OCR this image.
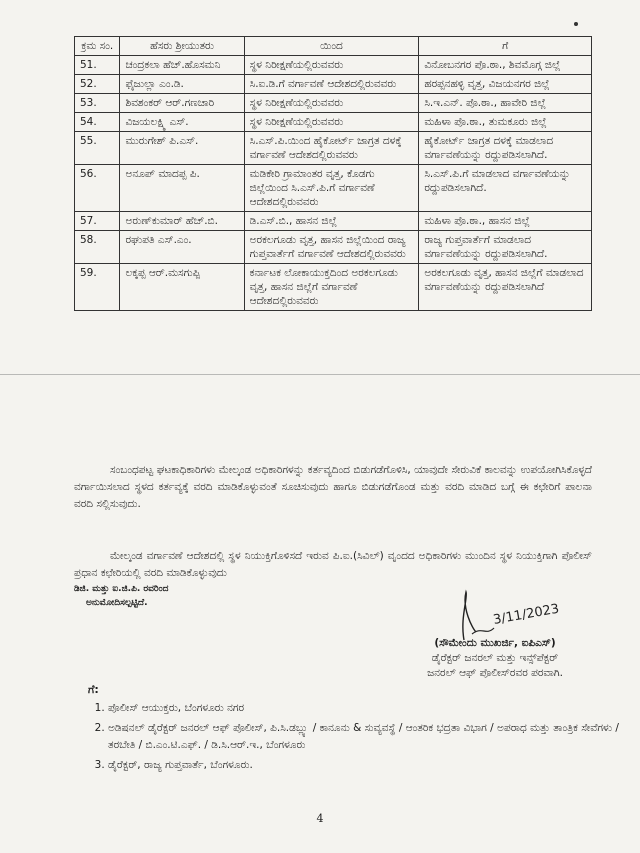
ಕ್ರಮ ಸಂ.	ಹೆಸರು ಶ್ರೀಯುತರು	ಯಿಂದ	ಗೆ
51.	ಚಂದ್ರಕಲಾ ಹೆಚ್.ಹೊಸಮನಿ	ಸ್ಥಳ ನಿರೀಕ್ಷಣೆಯಲ್ಲಿರುವವರು	ವಿನೋಬನಗರ ಪೊ.ಠಾ., ಶಿವಮೊಗ್ಗ ಜಿಲ್ಲೆ
52.	ಫೈಜುಲ್ಲಾ ಎಂ.ಡಿ.	ಸಿ.ಐ.ಡಿ.ಗೆ ವರ್ಗಾವಣೆ ಆದೇಶದಲ್ಲಿರುವವರು	ಹರಪ್ಪನಹಳ್ಳಿ ವೃತ್ತ, ವಿಜಯನಗರ ಜಿಲ್ಲೆ
53.	ಶಿವಶಂಕರ್ ಆರ್.ಗಣಚಾರಿ	ಸ್ಥಳ ನಿರೀಕ್ಷಣೆಯಲ್ಲಿರುವವರು	ಸಿ.ಇ.ಎನ್. ಪೊ.ಠಾ., ಹಾವೇರಿ ಜಿಲ್ಲೆ
54.	ವಿಜಯಲಕ್ಷ್ಮಿ ಎಸ್.	ಸ್ಥಳ ನಿರೀಕ್ಷಣೆಯಲ್ಲಿರುವವರು	ಮಹಿಳಾ ಪೊ.ಠಾ., ತುಮಕೂರು ಜಿಲ್ಲೆ
55.	ಮುರುಗೇಶ್ ಪಿ.ಎಸ್.	ಸಿ.ಎಸ್.ಪಿ.ಯಿಂದ ಹೈಕೋರ್ಟ್ ಜಾಗ್ರತ ದಳಕ್ಕೆ ವರ್ಗಾವಣೆ ಆದೇಶದಲ್ಲಿರುವವರು	ಹೈಕೋರ್ಟ್ ಜಾಗ್ರತ ದಳಕ್ಕೆ ಮಾಡಲಾದ ವರ್ಗಾವಣೆಯನ್ನು ರದ್ದುಪಡಿಸಲಾಗಿದೆ.
56.	ಅನೂಪ್ ಮಾದಪ್ಪ ಪಿ.	ಮಡಿಕೇರಿ ಗ್ರಾಮಾಂತರ ವೃತ್ತ, ಕೊಡಗು ಜಿಲ್ಲೆಯಿಂದ ಸಿ.ಎಸ್.ಪಿ.ಗೆ ವರ್ಗಾವಣೆ ಆದೇಶದಲ್ಲಿರುವವರು	ಸಿ.ಎಸ್.ಪಿ.ಗೆ ಮಾಡಲಾದ ವರ್ಗಾವಣೆಯನ್ನು ರದ್ದುಪಡಿಸಲಾಗಿದೆ.
57.	ಅರುಣ್‌ಕುಮಾರ್ ಹೆಚ್.ಬಿ.	ಡಿ.ಎಸ್.ಬಿ., ಹಾಸನ ಜಿಲ್ಲೆ	ಮಹಿಳಾ ಪೊ.ಠಾ., ಹಾಸನ ಜಿಲ್ಲೆ
58.	ರಘುಪತಿ ಎಸ್.ಎಂ.	ಅರಕಲಗೂಡು ವೃತ್ತ, ಹಾಸನ ಜಿಲ್ಲೆಯಿಂದ ರಾಜ್ಯ ಗುಪ್ತವಾರ್ತೆಗೆ ವರ್ಗಾವಣೆ ಆದೇಶದಲ್ಲಿರುವವರು	ರಾಜ್ಯ ಗುಪ್ತವಾರ್ತೆಗೆ ಮಾಡಲಾದ ವರ್ಗಾವಣೆಯನ್ನು ರದ್ದುಪಡಿಸಲಾಗಿದೆ.
59.	ಲಕ್ಕಪ್ಪ ಆರ್.ಮಸಗುಪ್ಪಿ	ಕರ್ನಾಟಕ ಲೋಕಾಯುಕ್ತದಿಂದ ಅರಕಲಗೂಡು ವೃತ್ತ, ಹಾಸನ ಜಿಲ್ಲೆಗೆ ವರ್ಗಾವಣೆ ಆದೇಶದಲ್ಲಿರುವವರು	ಅರಕಲಗೂಡು ವೃತ್ತ, ಹಾಸನ ಜಿಲ್ಲೆಗೆ ಮಾಡಲಾದ ವರ್ಗಾವಣೆಯನ್ನು ರದ್ದುಪಡಿಸಲಾಗಿದೆ

ಸಂಬಂಧಪಟ್ಟ ಘಟಕಾಧಿಕಾರಿಗಳು ಮೇಲ್ಕಂಡ ಅಧಿಕಾರಿಗಳನ್ನು ಕರ್ತವ್ಯದಿಂದ ಬಿಡುಗಡೆಗೊಳಿಸಿ, ಯಾವುದೇ ಸೇರುವಿಕೆ ಕಾಲವನ್ನು ಉಪಯೋಗಿಸಿಕೊಳ್ಳದೆ ವರ್ಗಾಯಿಸಲಾದ ಸ್ಥಳದ ಕರ್ತವ್ಯಕ್ಕೆ ವರದಿ ಮಾಡಿಕೊಳ್ಳುವಂತೆ ಸೂಚಿಸುವುದು ಹಾಗೂ ಬಿಡುಗಡೆಗೊಂಡ ಮತ್ತು ವರದಿ ಮಾಡಿದ ಬಗ್ಗೆ ಈ ಕಛೇರಿಗೆ ಪಾಲನಾ ವರದಿ ಸಲ್ಲಿಸುವುದು.

ಮೇಲ್ಕಂಡ ವರ್ಗಾವಣೆ ಆದೇಶದಲ್ಲಿ ಸ್ಥಳ ನಿಯುಕ್ತಿಗೊಳಿಸದೆ ಇರುವ ಪಿ.ಐ.(ಸಿವಿಲ್) ವೃಂದದ ಅಧಿಕಾರಿಗಳು ಮುಂದಿನ ಸ್ಥಳ ನಿಯುಕ್ತಿಗಾಗಿ ಪೊಲೀಸ್ ಪ್ರಧಾನ ಕಛೇರಿಯಲ್ಲಿ ವರದಿ ಮಾಡಿಕೊಳ್ಳುವುದು

ಡಿಜಿ. ಮತ್ತು ಐ.ಜಿ.ಪಿ. ರವರಿಂದ
ಅನುಮೋದಿಸಲ್ಪಟ್ಟಿದೆ.	3/11/2023
(ಸೌಮೇಂದು ಮುಖರ್ಜಿ, ಐಪಿಎಸ್)
ಡೈರೆಕ್ಟರ್ ಜನರಲ್ ಮತ್ತು ಇನ್ಸ್‌ಪೆಕ್ಟರ್
ಜನರಲ್ ಆಫ್ ಪೊಲೀಸ್‌ರವರ ಪರವಾಗಿ.
ಗೆ:
1. ಪೊಲೀಸ್ ಆಯುಕ್ತರು, ಬೆಂಗಳೂರು ನಗರ
2. ಅಡಿಷನಲ್ ಡೈರೆಕ್ಟರ್ ಜನರಲ್ ಆಫ್ ಪೊಲೀಸ್, ಪಿ.ಸಿ.ಡಬ್ಲ್ಯು / ಕಾನೂನು & ಸುವ್ಯವಸ್ಥೆ / ಆಂತರಿಕ ಭದ್ರತಾ ವಿಭಾಗ / ಅಪರಾಧ ಮತ್ತು ತಾಂತ್ರಿಕ ಸೇವೆಗಳು / ತರಬೇತಿ / ಬಿ.ಎಂ.ಟಿ.ಎಫ್. / ಡಿ.ಸಿ.ಆರ್.ಇ., ಬೆಂಗಳೂರು
3. ಡೈರೆಕ್ಟರ್, ರಾಜ್ಯ ಗುಪ್ತವಾರ್ತೆ, ಬೆಂಗಳೂರು.
4
